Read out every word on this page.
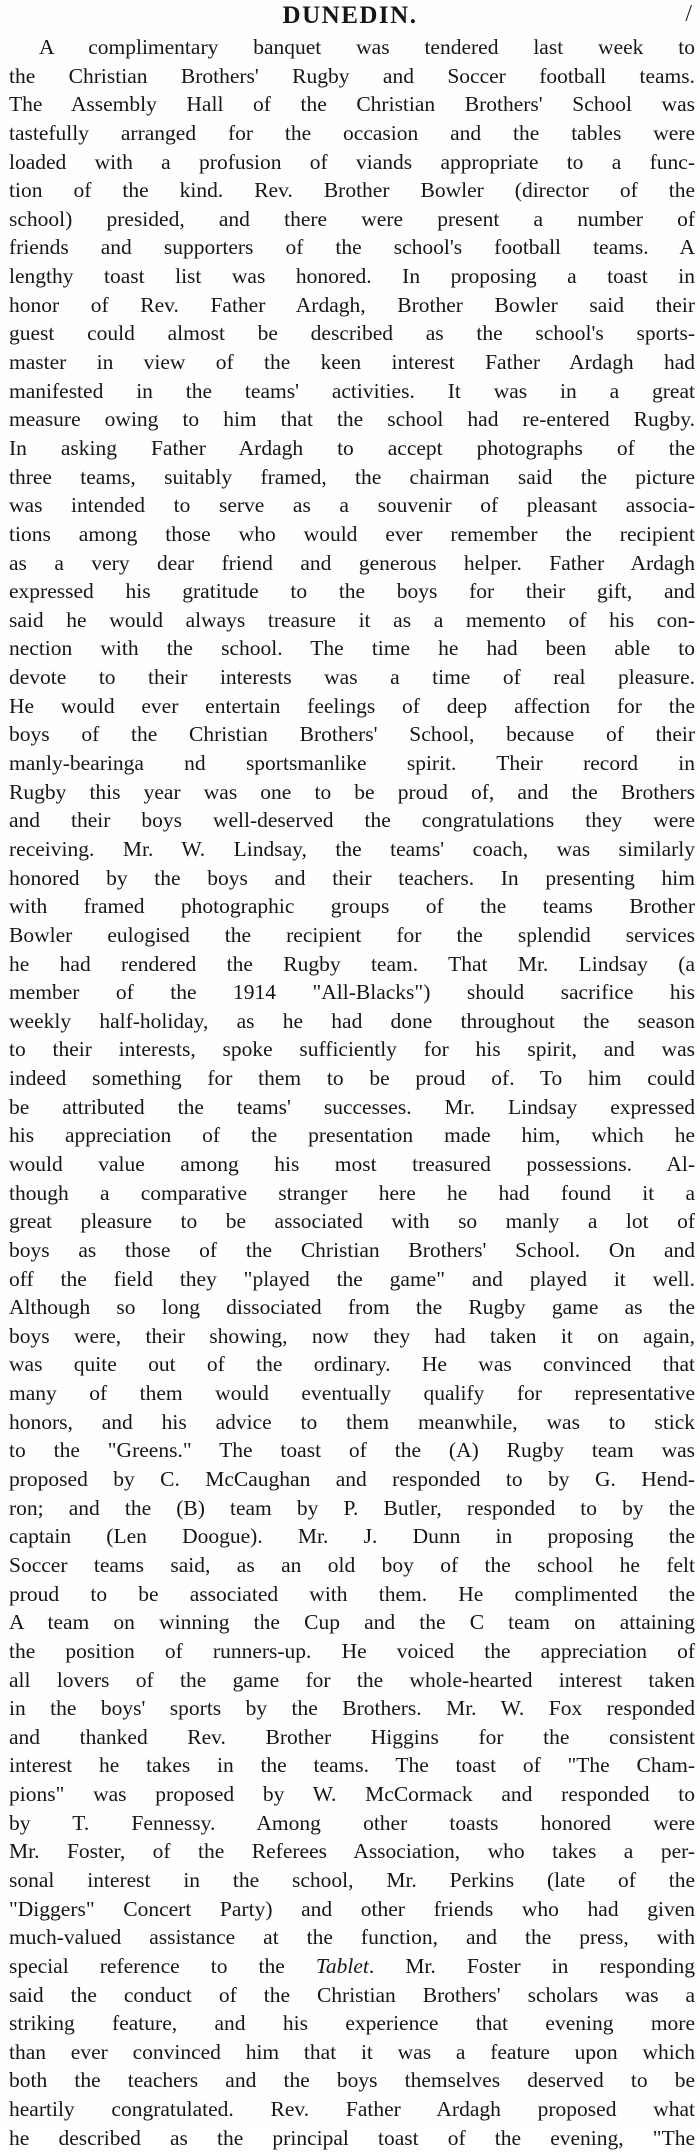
/
DUNEDIN.
A complimentary banquet was tendered last week to
the Christian Brothers' Rugby and Soccer football teams.
The Assembly Hall of the Christian Brothers' School was
tastefully arranged for the occasion and the tables were
loaded with a profusion of viands appropriate to a func-
tion of the kind. Rev. Brother Bowler (director of the
school) presided, and there were present a number of
friends and supporters of the school's football teams. A
lengthy toast list was honored. In proposing a toast in
honor of Rev. Father Ardagh, Brother Bowler said their
guest could almost be described as the school's sports-
master in view of the keen interest Father Ardagh had
manifested in the teams' activities. It was in a great
measure owing to him that the school had re-entered Rugby.
In asking Father Ardagh to accept photographs of the
three teams, suitably framed, the chairman said the picture
was intended to serve as a souvenir of pleasant associa-
tions among those who would ever remember the recipient
as a very dear friend and generous helper. Father Ardagh
expressed his gratitude to the boys for their gift, and
said he would always treasure it as a memento of his con-
nection with the school. The time he had been able to
devote to their interests was a time of real pleasure.
He would ever entertain feelings of deep affection for the
boys of the Christian Brothers' School, because of their
manly-bearinga nd sportsmanlike spirit. Their record in
Rugby this year was one to be proud of, and the Brothers
and their boys well-deserved the congratulations they were
receiving. Mr. W. Lindsay, the teams' coach, was similarly
honored by the boys and their teachers. In presenting him
with framed photographic groups of the teams Brother
Bowler eulogised the recipient for the splendid services
he had rendered the Rugby team. That Mr. Lindsay (a
member of the 1914 "All-Blacks") should sacrifice his
weekly half-holiday, as he had done throughout the season
to their interests, spoke sufficiently for his spirit, and was
indeed something for them to be proud of. To him could
be attributed the teams' successes. Mr. Lindsay expressed
his appreciation of the presentation made him, which he
would value among his most treasured possessions. Al-
though a comparative stranger here he had found it a
great pleasure to be associated with so manly a lot of
boys as those of the Christian Brothers' School. On and
off the field they "played the game" and played it well.
Although so long dissociated from the Rugby game as the
boys were, their showing, now they had taken it on again,
was quite out of the ordinary. He was convinced that
many of them would eventually qualify for representative
honors, and his advice to them meanwhile, was to stick
to the "Greens." The toast of the (A) Rugby team was
proposed by C. McCaughan and responded to by G. Hend-
ron; and the (B) team by P. Butler, responded to by the
captain (Len Doogue). Mr. J. Dunn in proposing the
Soccer teams said, as an old boy of the school he felt
proud to be associated with them. He complimented the
A team on winning the Cup and the C team on attaining
the position of runners-up. He voiced the appreciation of
all lovers of the game for the whole-hearted interest taken
in the boys' sports by the Brothers. Mr. W. Fox responded
and thanked Rev. Brother Higgins for the consistent
interest he takes in the teams. The toast of "The Cham-
pions" was proposed by W. McCormack and responded to
by T. Fennessy. Among other toasts honored were
Mr. Foster, of the Referees Association, who takes a per-
sonal interest in the school, Mr. Perkins (late of the
"Diggers" Concert Party) and other friends who had given
much-valued assistance at the function, and the press, with
special reference to the Tablet. Mr. Foster in responding
said the conduct of the Christian Brothers' scholars was a
striking feature, and his experience that evening more
than ever convinced him that it was a feature upon which
both the teachers and the boys themselves deserved to be
heartily congratulated. Rev. Father Ardagh proposed what
he described as the principal toast of the evening, "The
